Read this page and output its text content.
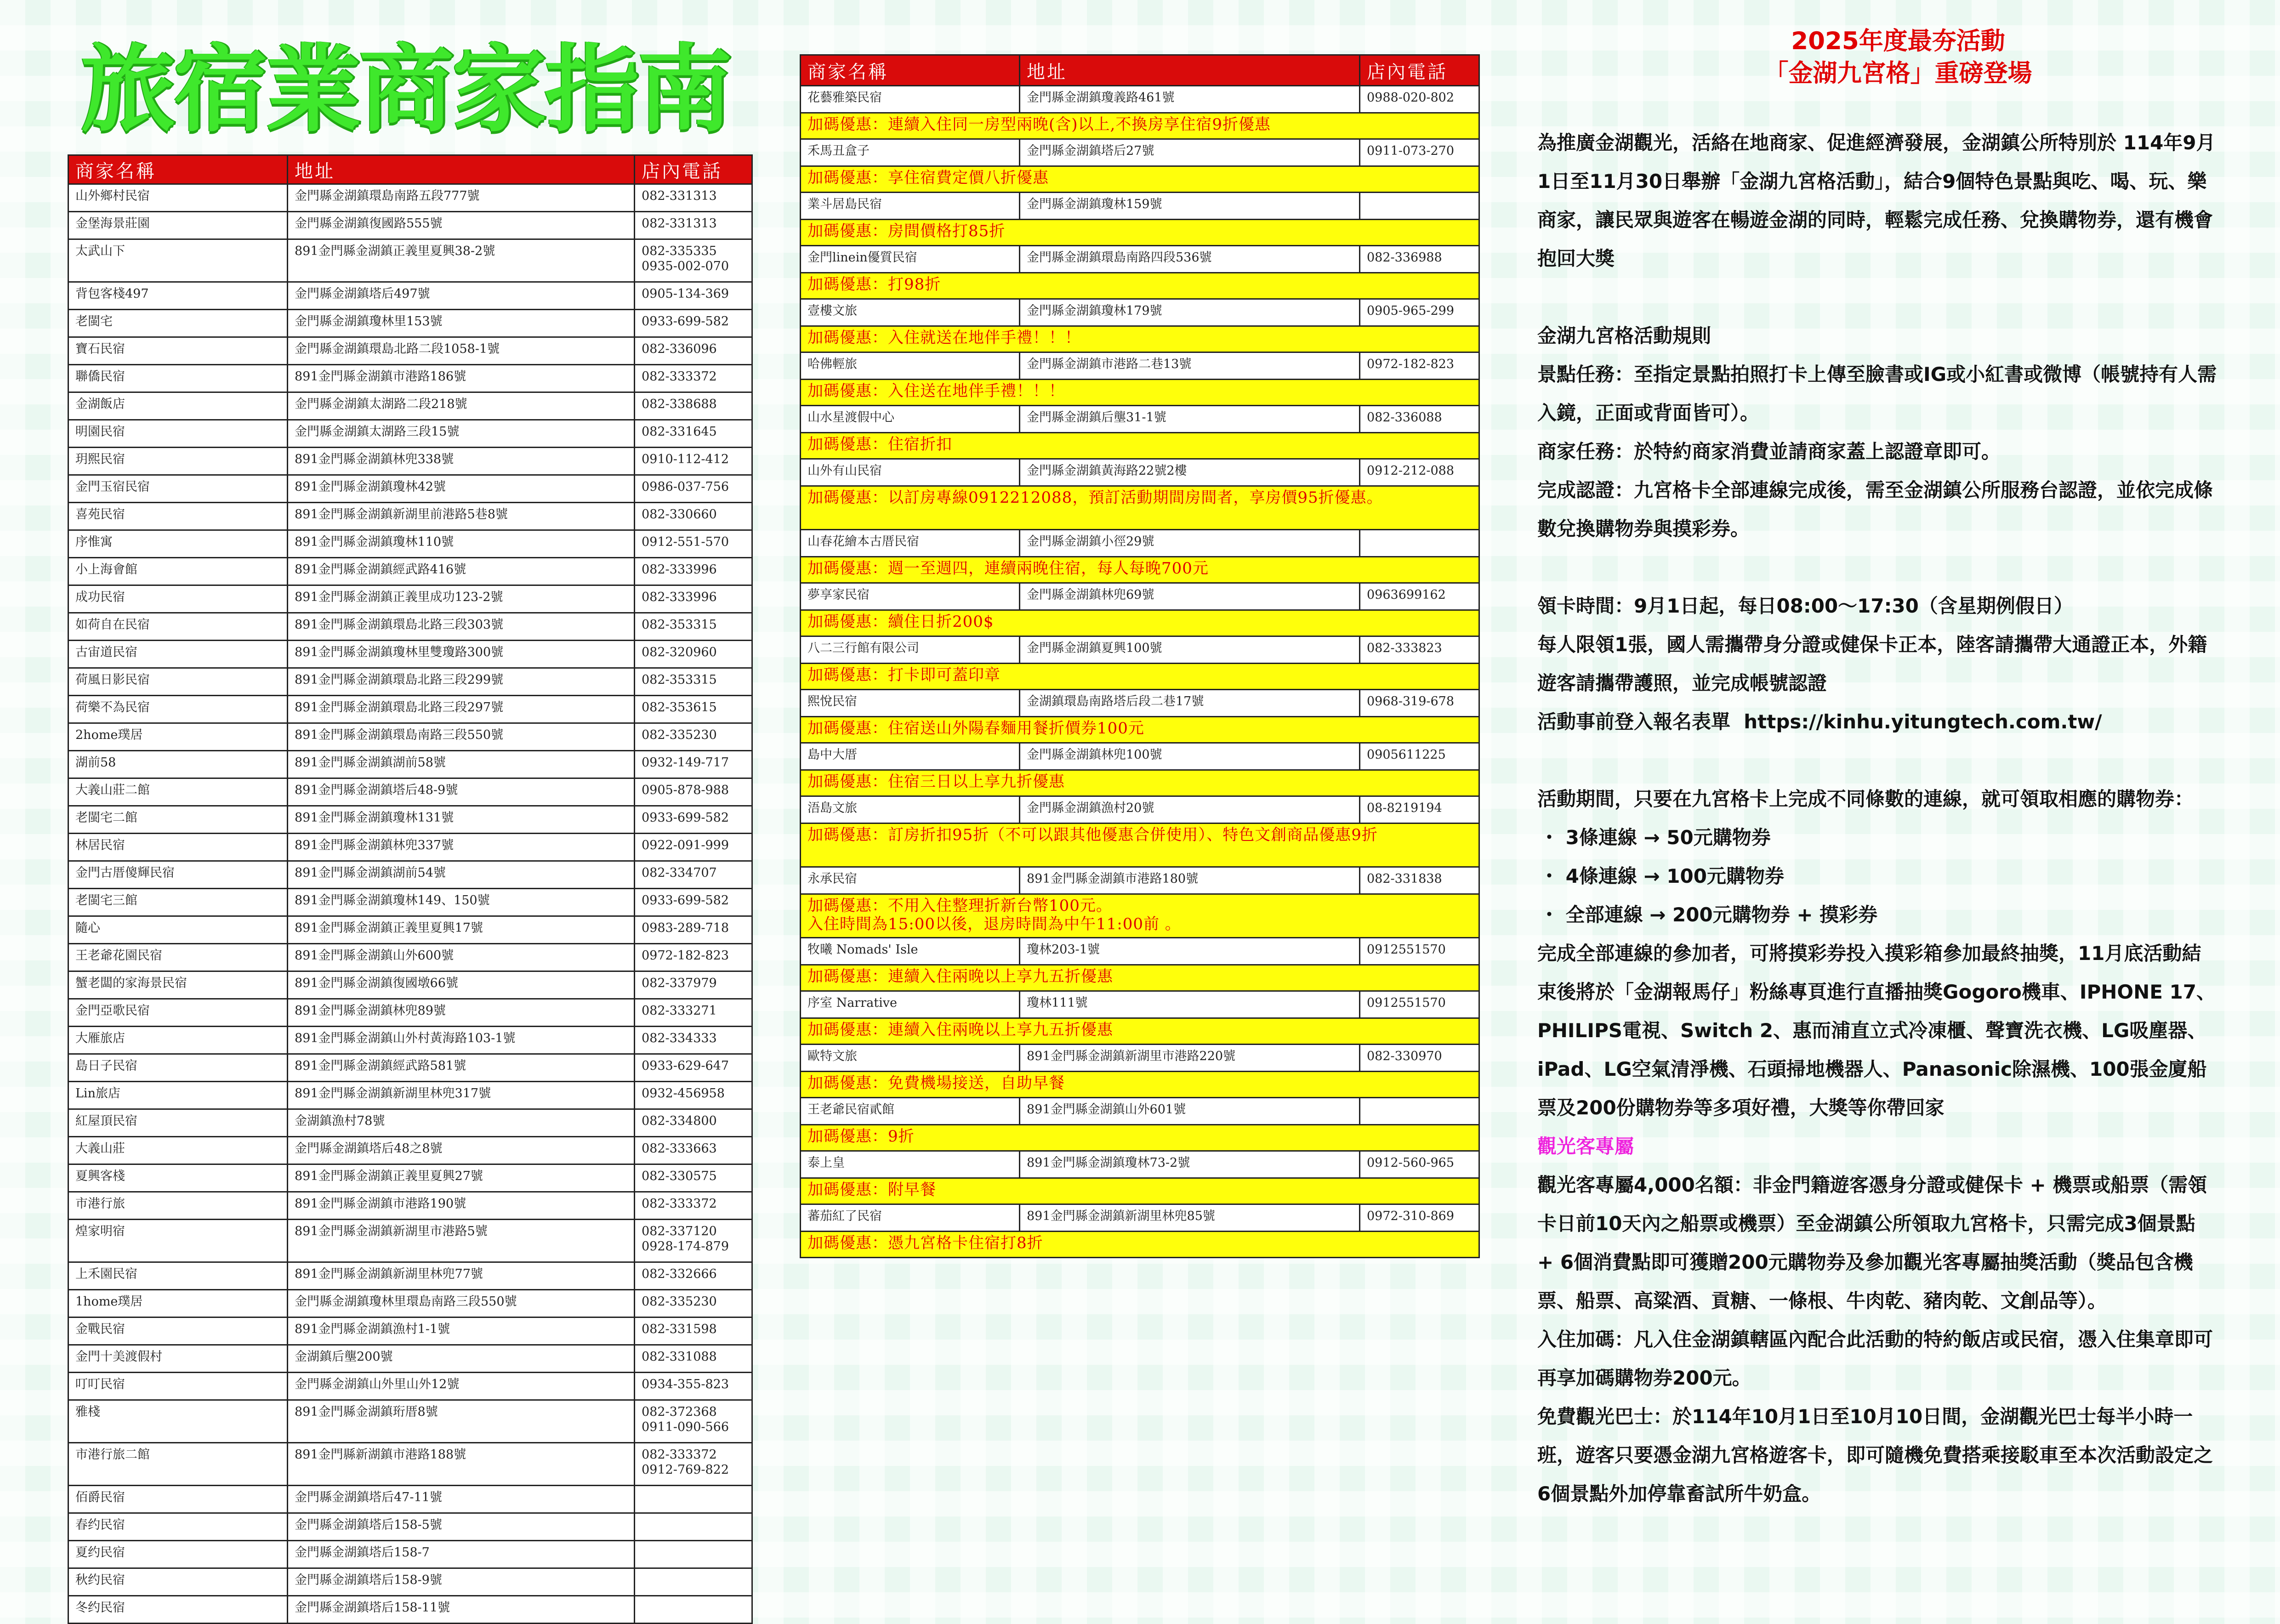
旅宿業商家指南
商家名稱	地址	店內電話
山外鄉村民宿	金門縣金湖鎮環島南路五段777號	082-331313
金堡海景莊園	金門縣金湖鎮復國路555號	082-331313
太武山下	891金門縣金湖鎮正義里夏興38-2號	082-335335
0935-002-070
背包客棧497	金門縣金湖鎮塔后497號	0905-134-369
老閩宅	金門縣金湖鎮瓊林里153號	0933-699-582
寶石民宿	金門縣金湖鎮環島北路二段1058-1號	082-336096
聯僑民宿	891金門縣金湖鎮市港路186號	082-333372
金湖飯店	金門縣金湖鎮太湖路二段218號	082-338688
明園民宿	金門縣金湖鎮太湖路三段15號	082-331645
玥熙民宿	891金門縣金湖鎮林兜338號	0910-112-412
金門玉宿民宿	891金門縣金湖鎮瓊林42號	0986-037-756
喜苑民宿	891金門縣金湖鎮新湖里前港路5巷8號	082-330660
序惟寓	891金門縣金湖鎮瓊林110號	0912-551-570
小上海會館	891金門縣金湖鎮經武路416號	082-333996
成功民宿	891金門縣金湖鎮正義里成功123-2號	082-333996
如荷自在民宿	891金門縣金湖鎮環島北路三段303號	082-353315
古宙道民宿	891金門縣金湖鎮瓊林里雙瓊路300號	082-320960
荷風日影民宿	891金門縣金湖鎮環島北路三段299號	082-353315
荷樂不為民宿	891金門縣金湖鎮環島北路三段297號	082-353615
2home璞居	891金門縣金湖鎮環島南路三段550號	082-335230
湖前58	891金門縣金湖鎮湖前58號	0932-149-717
大義山莊二館	891金門縣金湖鎮塔后48-9號	0905-878-988
老閩宅二館	891金門縣金湖鎮瓊林131號	0933-699-582
林居民宿	891金門縣金湖鎮林兜337號	0922-091-999
金門古厝傻輝民宿	891金門縣金湖鎮湖前54號	082-334707
老閩宅三館	891金門縣金湖鎮瓊林149、150號	0933-699-582
隨心	891金門縣金湖鎮正義里夏興17號	0983-289-718
王老爺花園民宿	891金門縣金湖鎮山外600號	0972-182-823
蟹老闆的家海景民宿	891金門縣金湖鎮復國墩66號	082-337979
金門亞歌民宿	891金門縣金湖鎮林兜89號	082-333271
大雁旅店	891金門縣金湖鎮山外村黃海路103-1號	082-334333
島日子民宿	891金門縣金湖鎮經武路581號	0933-629-647
Lin旅店	891金門縣金湖鎮新湖里林兜317號	0932-456958
紅屋頂民宿	金湖鎮漁村78號	082-334800
大義山莊	金門縣金湖鎮塔后48之8號	082-333663
夏興客棧	891金門縣金湖鎮正義里夏興27號	082-330575
市港行旅	891金門縣金湖鎮市港路190號	082-333372
煌家明宿	891金門縣金湖鎮新湖里市港路5號	082-337120
0928-174-879
上禾園民宿	891金門縣金湖鎮新湖里林兜77號	082-332666
1home璞居	金門縣金湖鎮瓊林里環島南路三段550號	082-335230
金戰民宿	891金門縣金湖鎮漁村1-1號	082-331598
金門十美渡假村	金湖鎮后壟200號	082-331088
叮叮民宿	金門縣金湖鎮山外里山外12號	0934-355-823
雅棧	891金門縣金湖鎮珩厝8號	082-372368
0911-090-566
市港行旅二館	891金門縣新湖鎮市港路188號	082-333372
0912-769-822
佰爵民宿	金門縣金湖鎮塔后47-11號	
春约民宿	金門縣金湖鎮塔后158-5號	
夏约民宿	金門縣金湖鎮塔后158-7	
秋约民宿	金門縣金湖鎮塔后158-9號	
冬约民宿	金門縣金湖鎮塔后158-11號	
商家名稱	地址	店內電話
花藝雅築民宿	金門縣金湖鎮瓊義路461號	0988-020-802
加碼優惠：連續入住同一房型兩晚(含)以上,不換房享住宿9折優惠		
禾馬丑盒子	金門縣金湖鎮塔后27號	0911-073-270
加碼優惠：享住宿費定價八折優惠		
業斗居島民宿	金門縣金湖鎮瓊林159號	
加碼優惠：房間價格打85折		
金門linein優質民宿	金門縣金湖鎮環島南路四段536號	082-336988
加碼優惠：打98折		
壹樓文旅	金門縣金湖鎮瓊林179號	0905-965-299
加碼優惠：入住就送在地伴手禮！！！		
哈佛輕旅	金門縣金湖鎮市港路二巷13號	0972-182-823
加碼優惠：入住送在地伴手禮！！！		
山水星渡假中心	金門縣金湖鎮后壟31-1號	082-336088
加碼優惠：住宿折扣		
山外有山民宿	金門縣金湖鎮黃海路22號2樓	0912-212-088
加碼優惠：以訂房專線0912212088，預訂活動期間房間者，享房價95折優惠。		
山春花繪本古厝民宿	金門縣金湖鎮小徑29號	
加碼優惠：週一至週四，連續兩晚住宿，每人每晚700元		
夢享家民宿	金門縣金湖鎮林兜69號	0963699162
加碼優惠：續住日折200$		
八二三行館有限公司	金門縣金湖鎮夏興100號	082-333823
加碼優惠：打卡即可蓋印章		
熙悅民宿	金湖鎮環島南路塔后段二巷17號	0968-319-678
加碼優惠：住宿送山外陽春麵用餐折價券100元		
島中大厝	金門縣金湖鎮林兜100號	0905611225
加碼優惠：住宿三日以上享九折優惠		
浯島文旅	金門縣金湖鎮漁村20號	08-8219194
加碼優惠：訂房折扣95折（不可以跟其他優惠合併使用）、特色文創商品優惠9折		
永承民宿	891金門縣金湖鎮市港路180號	082-331838
加碼優惠：不用入住整理折新台幣100元。
入住時間為15:00以後，退房時間為中午11:00前 。		
牧曦 Nomads' Isle	瓊林203-1號	0912551570
加碼優惠：連續入住兩晚以上享九五折優惠		
序室 Narrative	瓊林111號	0912551570
加碼優惠：連續入住兩晚以上享九五折優惠		
歐特文旅	891金門縣金湖鎮新湖里市港路220號	082-330970
加碼優惠：免費機場接送，自助早餐		
王老爺民宿貳館	891金門縣金湖鎮山外601號	
加碼優惠：9折		
泰上皇	891金門縣金湖鎮瓊林73-2號	0912-560-965
加碼優惠：附早餐		
蕃茄紅了民宿	891金門縣金湖鎮新湖里林兜85號	0972-310-869
加碼優惠：憑九宮格卡住宿打8折		
2025年度最夯活動
「金湖九宮格」重磅登場

為推廣金湖觀光，活絡在地商家、促進經濟發展，金湖鎮公所特別於 114年9月1日至11月30日舉辦「金湖九宮格活動」，結合9個特色景點與吃、喝、玩、樂商家，讓民眾與遊客在暢遊金湖的同時，輕鬆完成任務、兌換購物券，還有機會抱回大獎

金湖九宮格活動規則

景點任務：至指定景點拍照打卡上傳至臉書或IG或小紅書或微博（帳號持有人需入鏡，正面或背面皆可）。

商家任務：於特約商家消費並請商家蓋上認證章即可。

完成認證：九宮格卡全部連線完成後，需至金湖鎮公所服務台認證，並依完成條數兌換購物券與摸彩券。

領卡時間：9月1日起，每日08:00～17:30（含星期例假日）

每人限領1張，國人需攜帶身分證或健保卡正本，陸客請攜帶大通證正本，外籍遊客請攜帶護照，並完成帳號認證

活動事前登入報名表單 https://kinhu.yitungtech.com.tw/

活動期間，只要在九宮格卡上完成不同條數的連線，就可領取相應的購物券：

・ 3條連線 → 50元購物券

・ 4條連線 → 100元購物券

・ 全部連線 → 200元購物券 + 摸彩券

完成全部連線的參加者，可將摸彩券投入摸彩箱參加最終抽獎，11月底活動結束後將於「金湖報馬仔」粉絲專頁進行直播抽獎Gogoro機車、IPHONE 17、PHILIPS電視、Switch 2、惠而浦直立式冷凍櫃、聲寶洗衣機、LG吸塵器、iPad、LG空氣清淨機、石頭掃地機器人、Panasonic除濕機、100張金廈船票及200份購物券等多項好禮，大獎等你帶回家

觀光客專屬

觀光客專屬4,000名額：非金門籍遊客憑身分證或健保卡 + 機票或船票（需領卡日前10天內之船票或機票）至金湖鎮公所領取九宮格卡，只需完成3個景點 + 6個消費點即可獲贈200元購物券及參加觀光客專屬抽獎活動（獎品包含機票、船票、高粱酒、貢糖、一條根、牛肉乾、豬肉乾、文創品等）。

入住加碼：凡入住金湖鎮轄區內配合此活動的特約飯店或民宿，憑入住集章即可再享加碼購物券200元。

免費觀光巴士：於114年10月1日至10月10日間，金湖觀光巴士每半小時一班，遊客只要憑金湖九宮格遊客卡，即可隨機免費搭乘接駁車至本次活動設定之6個景點外加停靠畜試所牛奶盒。
